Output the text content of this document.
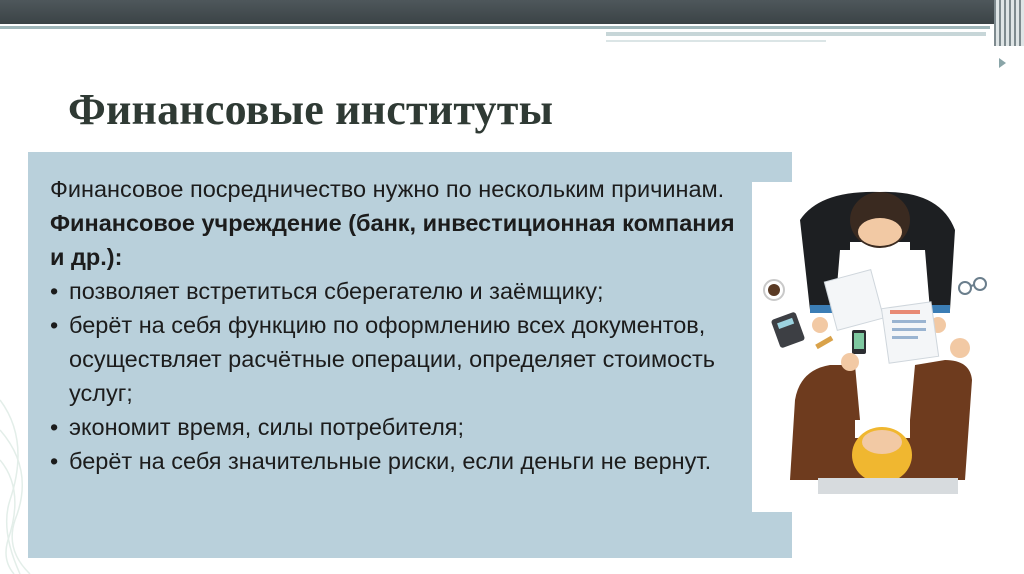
Финансовые институты

Финансовое посредничество нужно по нескольким причинам.

Финансовое учреждение (банк, инвестиционная компания и др.):

• позволяет встретиться сберегателю и заёмщику;
• берёт на себя функцию по оформлению всех документов, осуществляет расчётные операции, определяет стоимость услуг;
• экономит время, силы потребителя;
• берёт на себя значительные риски, если деньги не вернут.
